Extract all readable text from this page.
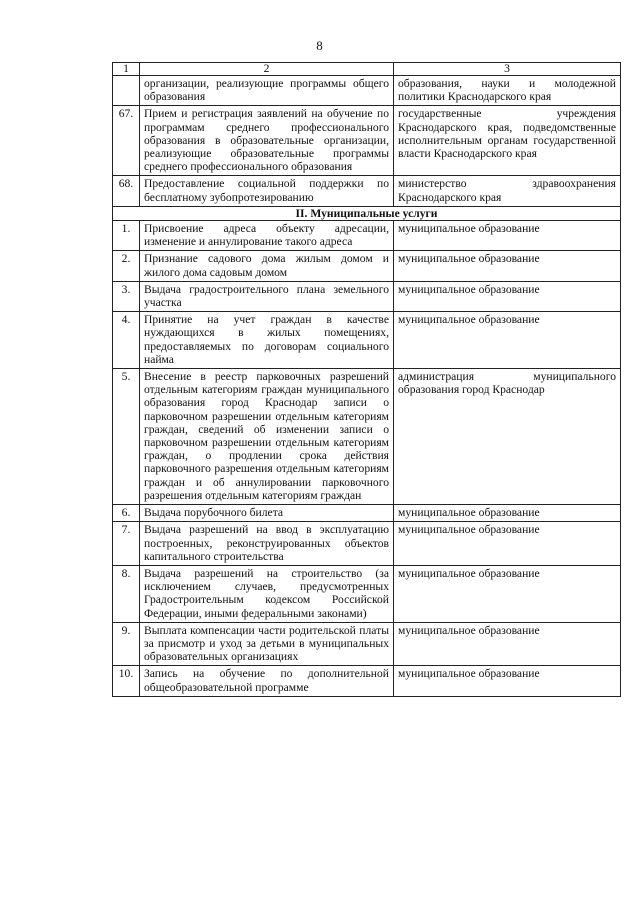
8
1	2	3
	организации, реализующие программы общего образования	образования, науки и молодежной политики Краснодарского края
67.	Прием и регистрация заявлений на обучение по программам среднего профессионального образования в образовательные организации, реализующие образовательные программы среднего профессионального образования	государственные учреждения Краснодарского края, подведомственные исполнительным органам государственной власти Краснодарского края
68.	Предоставление социальной поддержки по бесплатному зубопротезированию	министерство здравоохранения Краснодарского края
II. Муниципальные услуги		
1.	Присвоение адреса объекту адресации, изменение и аннулирование такого адреса	муниципальное образование
2.	Признание садового дома жилым домом и жилого дома садовым домом	муниципальное образование
3.	Выдача градостроительного плана земельного участка	муниципальное образование
4.	Принятие на учет граждан в качестве нуждающихся в жилых помещениях, предоставляемых по договорам социального найма	муниципальное образование
5.	Внесение в реестр парковочных разрешений отдельным категориям граждан муниципального образования город Краснодар записи о парковочном разрешении отдельным категориям граждан, сведений об изменении записи о парковочном разрешении отдельным категориям граждан, о продлении срока действия парковочного разрешения отдельным категориям граждан и об аннулировании парковочного разрешения отдельным категориям граждан	администрация муниципального образования город Краснодар
6.	Выдача порубочного билета	муниципальное образование
7.	Выдача разрешений на ввод в эксплуатацию построенных, реконструированных объектов капитального строительства	муниципальное образование
8.	Выдача разрешений на строительство (за исключением случаев, предусмотренных Градостроительным кодексом Российской Федерации, иными федеральными законами)	муниципальное образование
9.	Выплата компенсации части родительской платы за присмотр и уход за детьми в муниципальных образовательных организациях	муниципальное образование
10.	Запись на обучение по дополнительной общеобразовательной программе	муниципальное образование
